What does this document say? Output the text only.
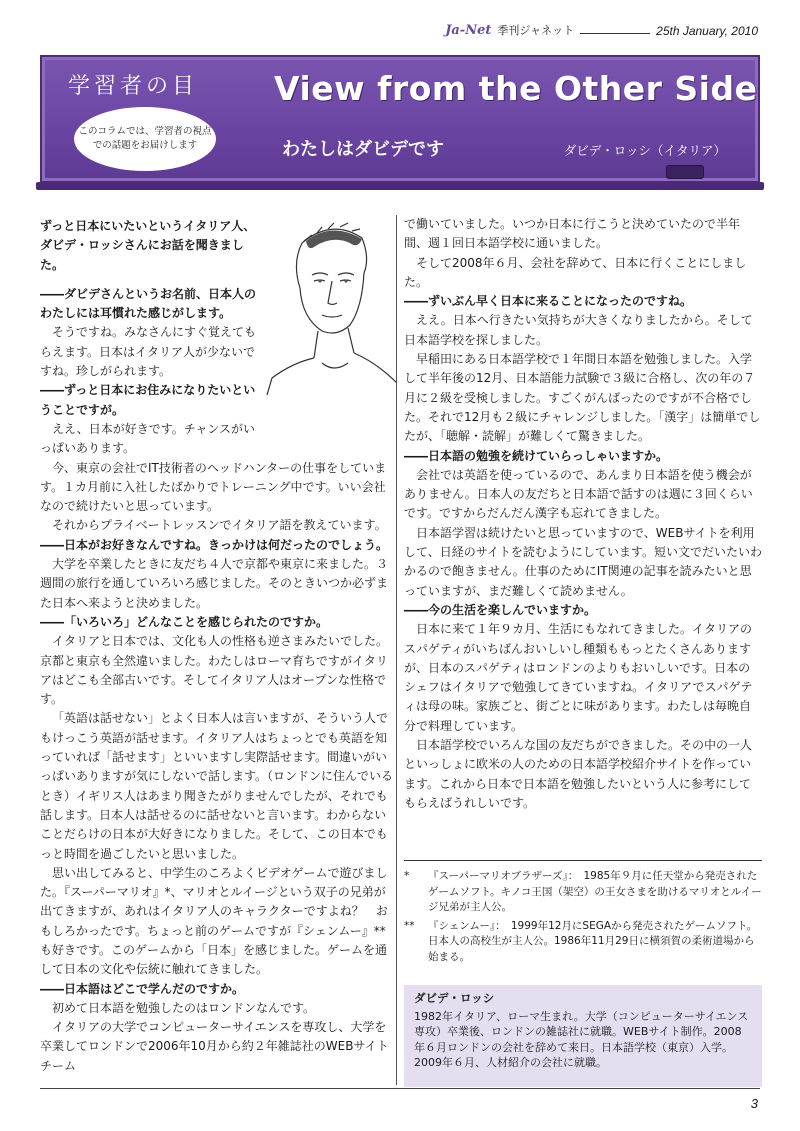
Ja-Net 季刊ジャネット	25th January, 2010
学習者の目
このコラムでは、学習者の視点での話題をお届けします
View from the Other Side
わたしはダビデです	ダビデ・ロッシ（イタリア）

ずっと日本にいたいというイタリア人、ダビデ・ロッシさんにお話を聞きました。

――ダビデさんというお名前、日本人のわたしには耳慣れた感じがします。

そうですね。みなさんにすぐ覚えてもらえます。日本はイタリア人が少ないですね。珍しがられます。

――ずっと日本にお住みになりたいということですが。

ええ、日本が好きです。チャンスがいっぱいあります。

今、東京の会社でIT技術者のヘッドハンターの仕事をしています。１カ月前に入社したばかりでトレーニング中です。いい会社なので続けたいと思っています。

それからプライベートレッスンでイタリア語を教えています。

――日本がお好きなんですね。きっかけは何だったのでしょう。

大学を卒業したときに友だち４人で京都や東京に来ました。３週間の旅行を通していろいろ感じました。そのときいつか必ずまた日本へ来ようと決めました。

――「いろいろ」どんなことを感じられたのですか。

イタリアと日本では、文化も人の性格も逆さまみたいでした。京都と東京も全然違いました。わたしはローマ育ちですがイタリアはどこも全部古いです。そしてイタリア人はオープンな性格です。

「英語は話せない」とよく日本人は言いますが、そういう人でもけっこう英語が話せます。イタリア人はちょっとでも英語を知っていれば「話せます」といいますし実際話せます。間違いがいっぱいありますが気にしないで話します。（ロンドンに住んでいるとき）イギリス人はあまり聞きたがりませんでしたが、それでも話します。日本人は話せるのに話せないと言います。わからないことだらけの日本が大好きになりました。そして、この日本でもっと時間を過ごしたいと思いました。

思い出してみると、中学生のころよくビデオゲームで遊びました。『スーパーマリオ』*、マリオとルイージという双子の兄弟が出てきますが、あれはイタリア人のキャラクターですよね？　おもしろかったです。ちょっと前のゲームですが『シェンムー』**も好きです。このゲームから「日本」を感じました。ゲームを通して日本の文化や伝統に触れてきました。

――日本語はどこで学んだのですか。

初めて日本語を勉強したのはロンドンなんです。

イタリアの大学でコンピューターサイエンスを専攻し、大学を卒業してロンドンで2006年10月から約２年雑誌社のWEBサイトチーム

で働いていました。いつか日本に行こうと決めていたので半年間、週１回日本語学校に通いました。

そして2008年６月、会社を辞めて、日本に行くことにしました。

――ずいぶん早く日本に来ることになったのですね。

ええ。日本へ行きたい気持ちが大きくなりましたから。そして日本語学校を探しました。

早稲田にある日本語学校で１年間日本語を勉強しました。入学して半年後の12月、日本語能力試験で３級に合格し、次の年の７月に２級を受検しました。すごくがんばったのですが不合格でした。それで12月も２級にチャレンジしました。「漢字」は簡単でしたが、「聴解・読解」が難しくて驚きました。

――日本語の勉強を続けていらっしゃいますか。

会社では英語を使っているので、あんまり日本語を使う機会がありません。日本人の友だちと日本語で話すのは週に３回くらいです。ですからだんだん漢字も忘れてきました。

日本語学習は続けたいと思っていますので、WEBサイトを利用して、日経のサイトを読むようにしています。短い文でだいたいわかるので飽きません。仕事のためにIT関連の記事を読みたいと思っていますが、まだ難しくて読めません。

――今の生活を楽しんでいますか。

日本に来て１年９カ月、生活にもなれてきました。イタリアのスパゲティがいちばんおいしいし種類ももっとたくさんありますが、日本のスパゲティはロンドンのよりもおいしいです。日本のシェフはイタリアで勉強してきていますね。イタリアでスパゲティは母の味。家族ごと、街ごとに味があります。わたしは毎晩自分で料理しています。

日本語学校でいろんな国の友だちができました。その中の一人といっしょに欧米の人のための日本語学校紹介サイトを作っています。これから日本で日本語を勉強したいという人に参考にしてもらえばうれしいです。

*	『スーパーマリオブラザーズ』：　1985年９月に任天堂から発売されたゲームソフト。キノコ王国（架空）の王女さまを助けるマリオとルイージ兄弟が主人公。
**	『シェンムー』：　1999年12月にSEGAから発売されたゲームソフト。日本人の高校生が主人公。1986年11月29日に横須賀の柔術道場から始まる。
ダビデ・ロッシ
1982年イタリア、ローマ生まれ。大学（コンピューターサイエンス専攻）卒業後、ロンドンの雑誌社に就職。WEBサイト制作。2008年６月ロンドンの会社を辞めて来日。日本語学校（東京）入学。2009年６月、人材紹介の会社に就職。
3
